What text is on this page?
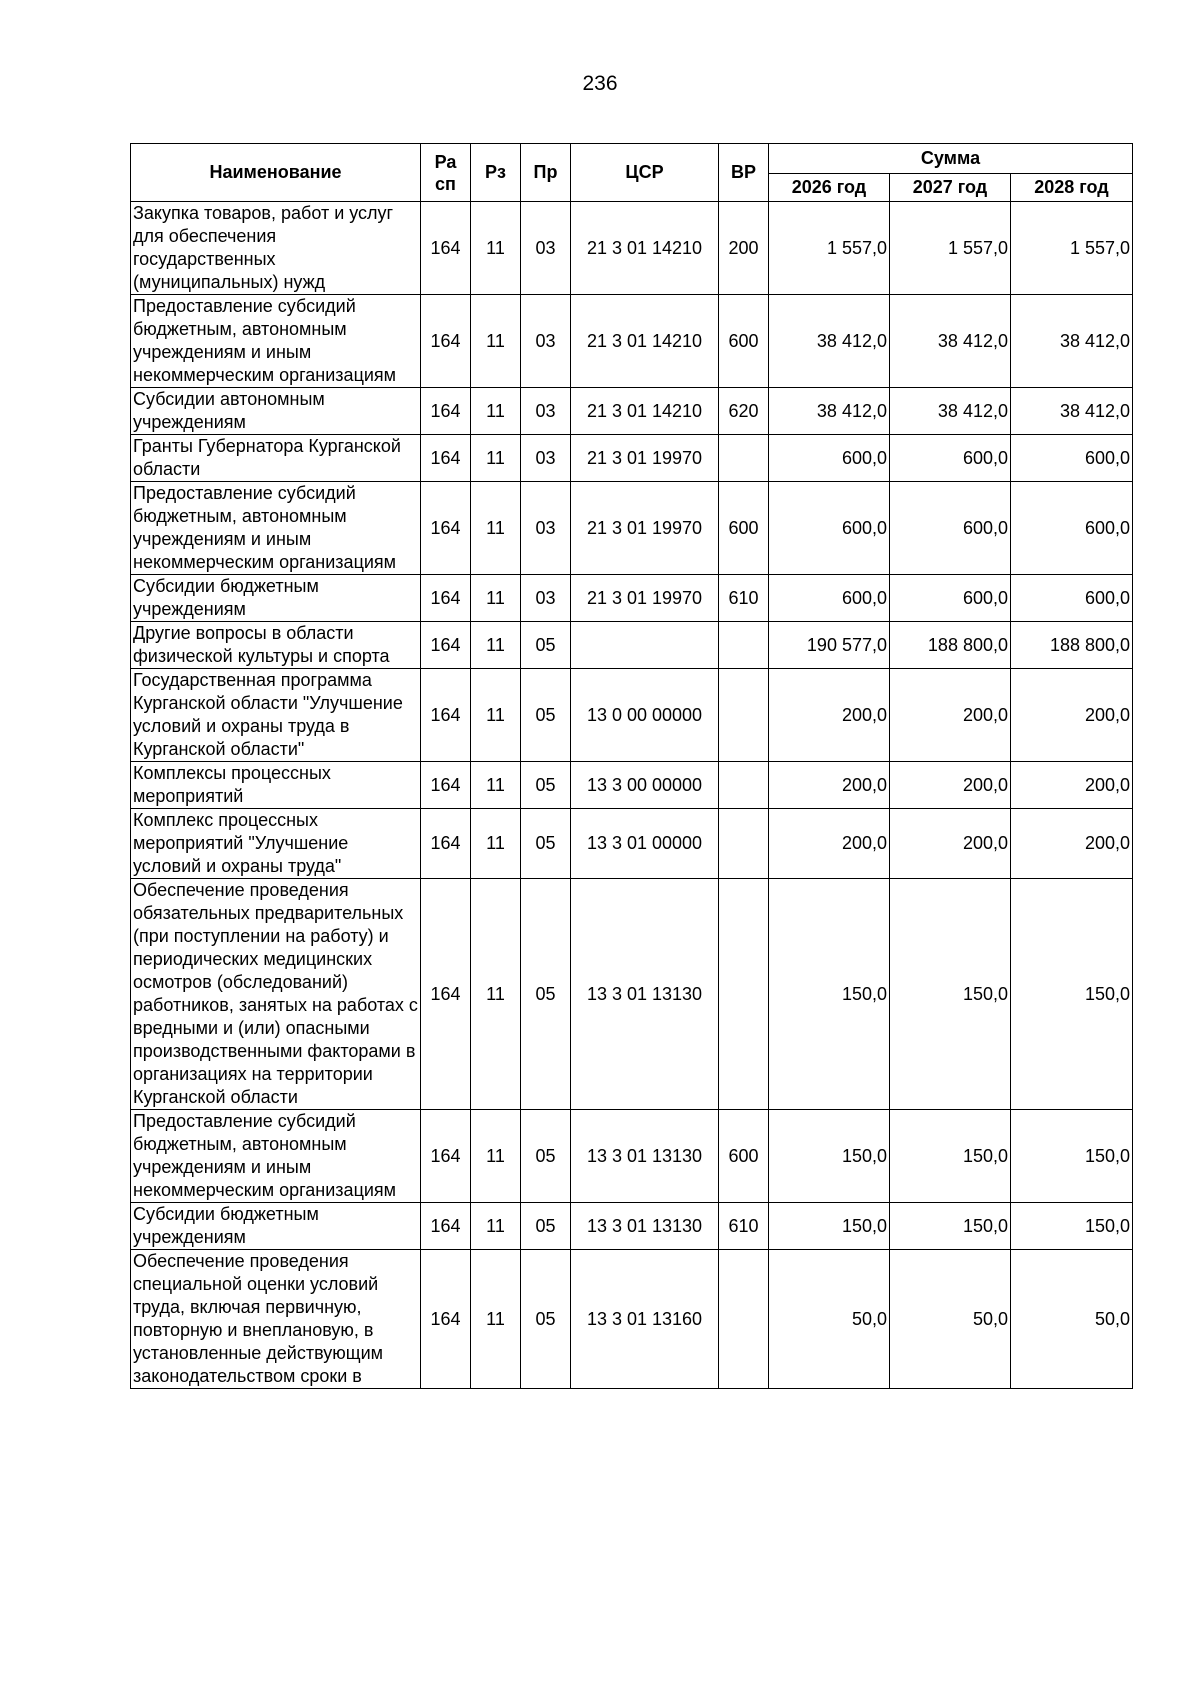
236
Наименование	Ра сп	Рз	Пр	ЦСР	ВР	Сумма		
						2026 год	2027 год	2028 год
Закупка товаров, работ и услуг для обеспечения государственных (муниципальных) нужд	164	11	03	21 3 01 14210	200	1 557,0	1 557,0	1 557,0
Предоставление субсидий бюджетным, автономным учреждениям и иным некоммерческим организациям	164	11	03	21 3 01 14210	600	38 412,0	38 412,0	38 412,0
Субсидии автономным учреждениям	164	11	03	21 3 01 14210	620	38 412,0	38 412,0	38 412,0
Гранты Губернатора Курганской области	164	11	03	21 3 01 19970		600,0	600,0	600,0
Предоставление субсидий бюджетным, автономным учреждениям и иным некоммерческим организациям	164	11	03	21 3 01 19970	600	600,0	600,0	600,0
Субсидии бюджетным учреждениям	164	11	03	21 3 01 19970	610	600,0	600,0	600,0
Другие вопросы в области физической культуры и спорта	164	11	05			190 577,0	188 800,0	188 800,0
Государственная программа Курганской области "Улучшение условий и охраны труда в Курганской области"	164	11	05	13 0 00 00000		200,0	200,0	200,0
Комплексы процессных мероприятий	164	11	05	13 3 00 00000		200,0	200,0	200,0
Комплекс процессных мероприятий "Улучшение условий и охраны труда"	164	11	05	13 3 01 00000		200,0	200,0	200,0
Обеспечение проведения обязательных предварительных (при поступлении на работу) и периодических медицинских осмотров (обследований) работников, занятых на работах с вредными и (или) опасными производственными факторами в организациях на территории Курганской области	164	11	05	13 3 01 13130		150,0	150,0	150,0
Предоставление субсидий бюджетным, автономным учреждениям и иным некоммерческим организациям	164	11	05	13 3 01 13130	600	150,0	150,0	150,0
Субсидии бюджетным учреждениям	164	11	05	13 3 01 13130	610	150,0	150,0	150,0
Обеспечение проведения специальной оценки условий труда, включая первичную, повторную и внеплановую, в установленные действующим законодательством сроки в	164	11	05	13 3 01 13160		50,0	50,0	50,0
